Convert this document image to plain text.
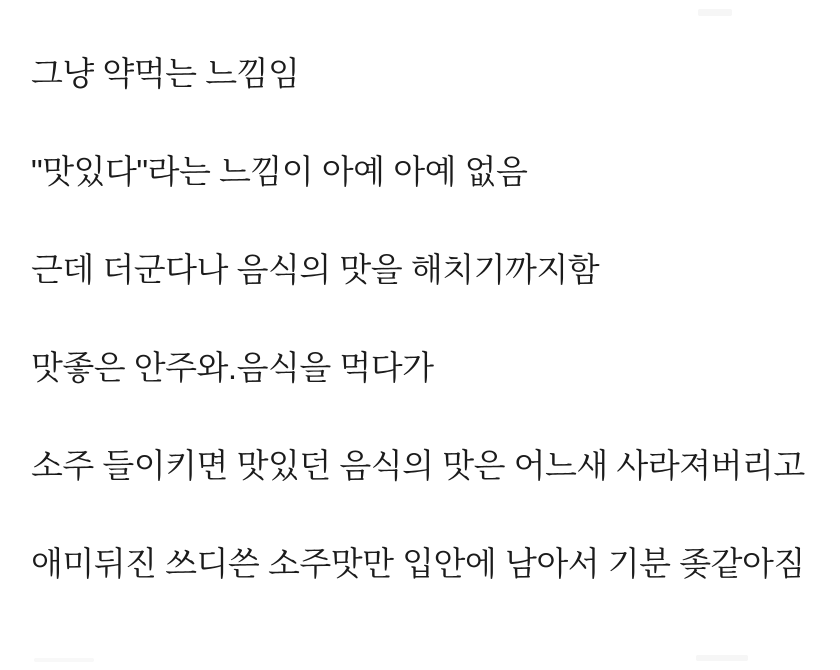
그냥 약먹는 느낌임

"맛있다"라는 느낌이 아예 아예 없음

근데 더군다나 음식의 맛을 해치기까지함

맛좋은 안주와.음식을 먹다가

소주 들이키면 맛있던 음식의 맛은 어느새 사라져버리고

애미뒤진 쓰디쓴 소주맛만 입안에 남아서 기분 좆같아짐
